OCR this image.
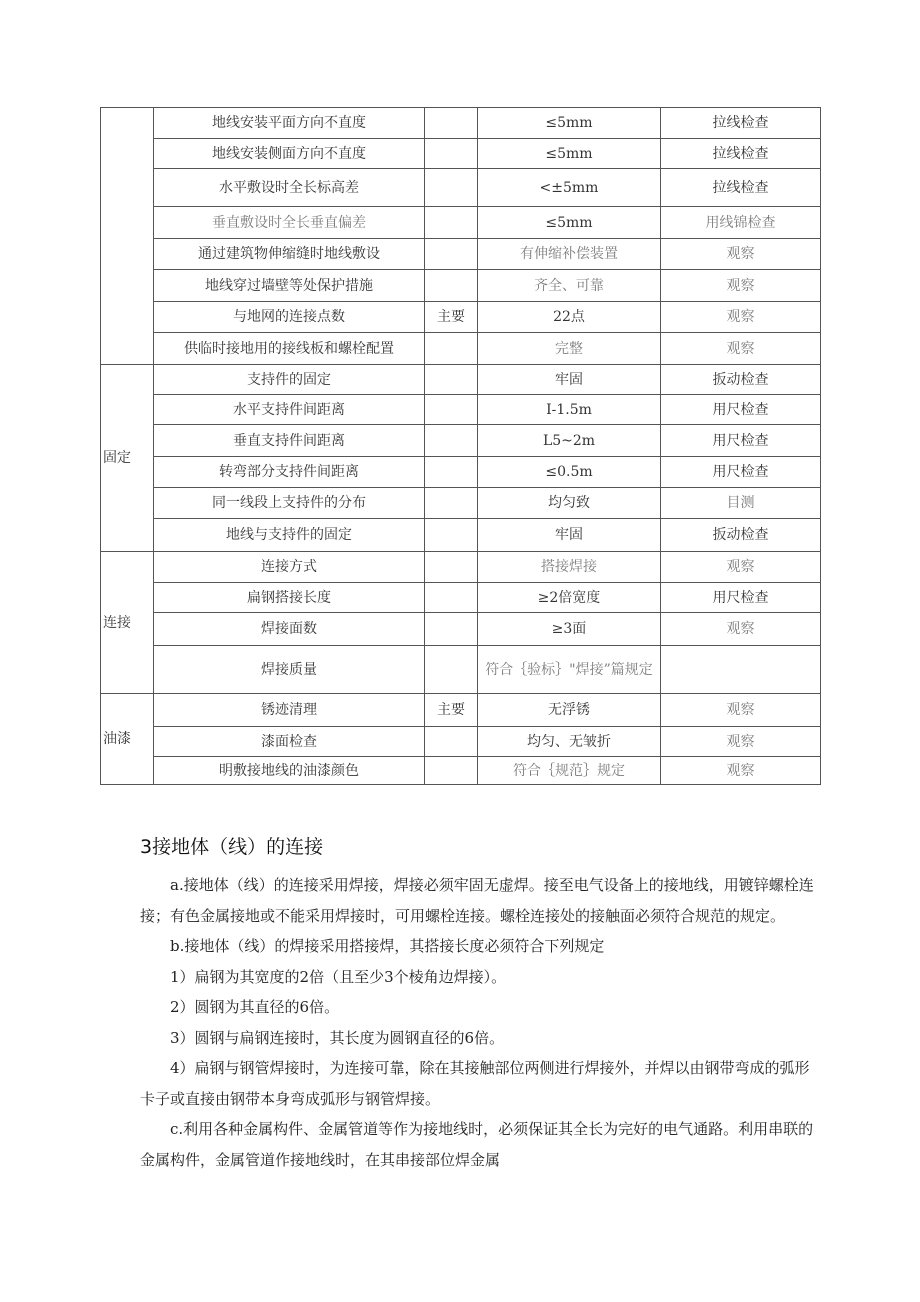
	地线安装平面方向不直度		≤5mm	拉线检查
	地线安装侧面方向不直度		≤5mm	拉线检查
	水平敷设时全长标高差		<±5mm	拉线检查
	垂直敷设时全长垂直偏差		≤5mm	用线锦检查
	通过建筑物伸缩缝时地线敷设		有伸缩补偿装置	观察
	地线穿过墙壁等处保护措施		齐全、可靠	观察
	与地网的连接点数	主要	22点	观察
	供临时接地用的接线板和螺栓配置		完整	观察
固定	支持件的固定		牢固	扳动检查
	水平支持件间距离		I-1.5m	用尺检查
	垂直支持件间距离		L5~2m	用尺检查
	转弯部分支持件间距离		≤0.5m	用尺检查
	同一线段上支持件的分布		均匀致	目测
	地线与支持件的固定		牢固	扳动检查
连接	连接方式		搭接焊接	观察
	扁钢搭接长度		≥2倍宽度	用尺检查
	焊接面数		≥3面	观察
	焊接质量		符合｛验标｝"焊接”篇规定	
油漆	锈迹清理	主要	无浮锈	观察
	漆面检查		均匀、无皱折	观察
	明敷接地线的油漆颜色		符合｛规范｝规定	观察
3接地体（线）的连接

a.接地体（线）的连接采用焊接，焊接必须牢固无虚焊。接至电气设备上的接地线，用镀锌螺栓连接；有色金属接地或不能采用焊接时，可用螺栓连接。螺栓连接处的接触面必须符合规范的规定。

b.接地体（线）的焊接采用搭接焊，其搭接长度必须符合下列规定

1）扁钢为其宽度的2倍（且至少3个棱角边焊接）。

2）圆钢为其直径的6倍。

3）圆钢与扁钢连接时，其长度为圆钢直径的6倍。

4）扁钢与钢管焊接时，为连接可靠，除在其接触部位两侧进行焊接外，并焊以由钢带弯成的弧形卡子或直接由钢带本身弯成弧形与钢管焊接。

c.利用各种金属构件、金属管道等作为接地线时，必须保证其全长为完好的电气通路。利用串联的金属构件，金属管道作接地线时，在其串接部位焊金属
